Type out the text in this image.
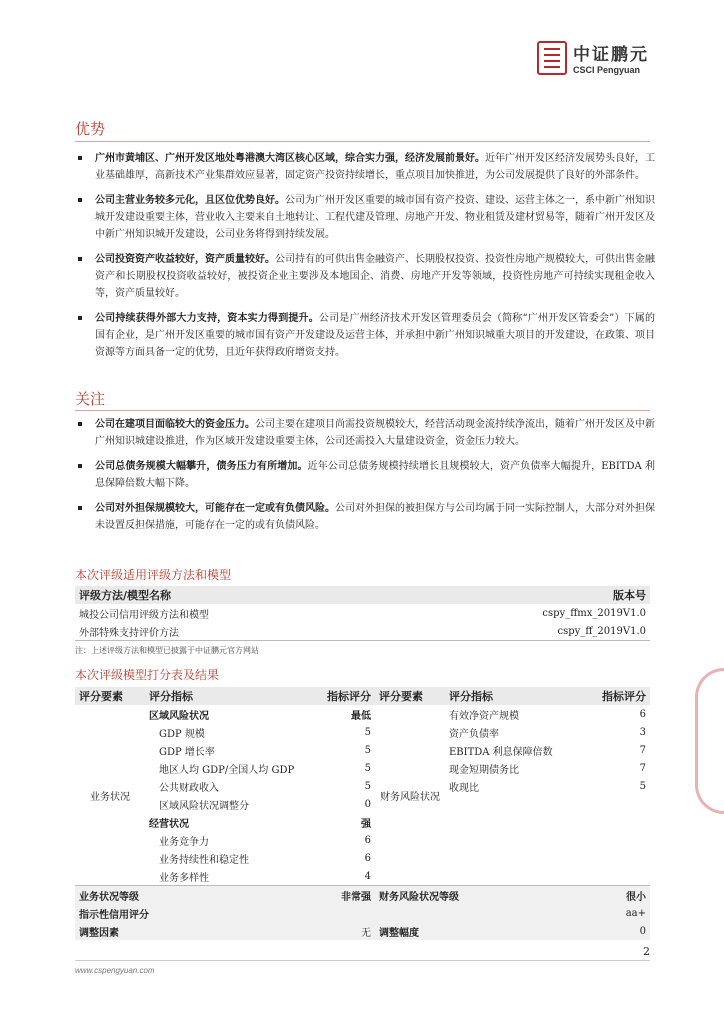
中证鹏元
CSCI Pengyuan
优势
广州市黄埔区、广州开发区地处粤港澳大湾区核心区域，综合实力强，经济发展前景好。近年广州开发区经济发展势头良好，工业基础雄厚，高新技术产业集群效应显著，固定资产投资持续增长，重点项目加快推进，为公司发展提供了良好的外部条件。
公司主营业务较多元化，且区位优势良好。公司为广州开发区重要的城市国有资产投资、建设、运营主体之一，系中新广州知识城开发建设重要主体，营业收入主要来自土地转让、工程代建及管理、房地产开发、物业租赁及建材贸易等，随着广州开发区及中新广州知识城开发建设，公司业务将得到持续发展。
公司投资资产收益较好，资产质量较好。公司持有的可供出售金融资产、长期股权投资、投资性房地产规模较大，可供出售金融资产和长期股权投资收益较好，被投资企业主要涉及本地国企、消费、房地产开发等领域，投资性房地产可持续实现租金收入等，资产质量较好。
公司持续获得外部大力支持，资本实力得到提升。公司是广州经济技术开发区管理委员会（简称“广州开发区管委会”）下属的国有企业，是广州开发区重要的城市国有资产开发建设及运营主体，并承担中新广州知识城重大项目的开发建设，在政策、项目资源等方面具备一定的优势，且近年获得政府增资支持。
关注
公司在建项目面临较大的资金压力。公司主要在建项目尚需投资规模较大，经营活动现金流持续净流出，随着广州开发区及中新广州知识城建设推进，作为区域开发建设重要主体，公司还需投入大量建设资金，资金压力较大。
公司总债务规模大幅攀升，债务压力有所增加。近年公司总债务规模持续增长且规模较大，资产负债率大幅提升，EBITDA 利息保障倍数大幅下降。
公司对外担保规模较大，可能存在一定或有负债风险。公司对外担保的被担保方与公司均属于同一实际控制人，大部分对外担保未设置反担保措施，可能存在一定的或有负债风险。
本次评级适用评级方法和模型
评级方法/模型名称	版本号
城投公司信用评级方法和模型	cspy_ffmx_2019V1.0
外部特殊支持评价方法	cspy_ff_2019V1.0
注：上述评级方法和模型已披露于中证鹏元官方网站
本次评级模型打分表及结果
评分要素	评分指标	指标评分	评分要素	评分指标	指标评分
业务状况	区域风险状况	最低	财务风险状况	有效净资产规模	6
	GDP 规模	5		资产负债率	3
	GDP 增长率	5		EBITDA 利息保障倍数	7
	地区人均 GDP/全国人均 GDP	5		现金短期债务比	7
	公共财政收入	5		收现比	5
	区域风险状况调整分	0			
	经营状况	强			
	业务竞争力	6			
	业务持续性和稳定性	6			
	业务多样性	4			
业务状况等级		非常强	财务风险状况等级		很小
指示性信用评分					aa+
调整因素		无	调整幅度		0
2
www.cspengyuan.com
